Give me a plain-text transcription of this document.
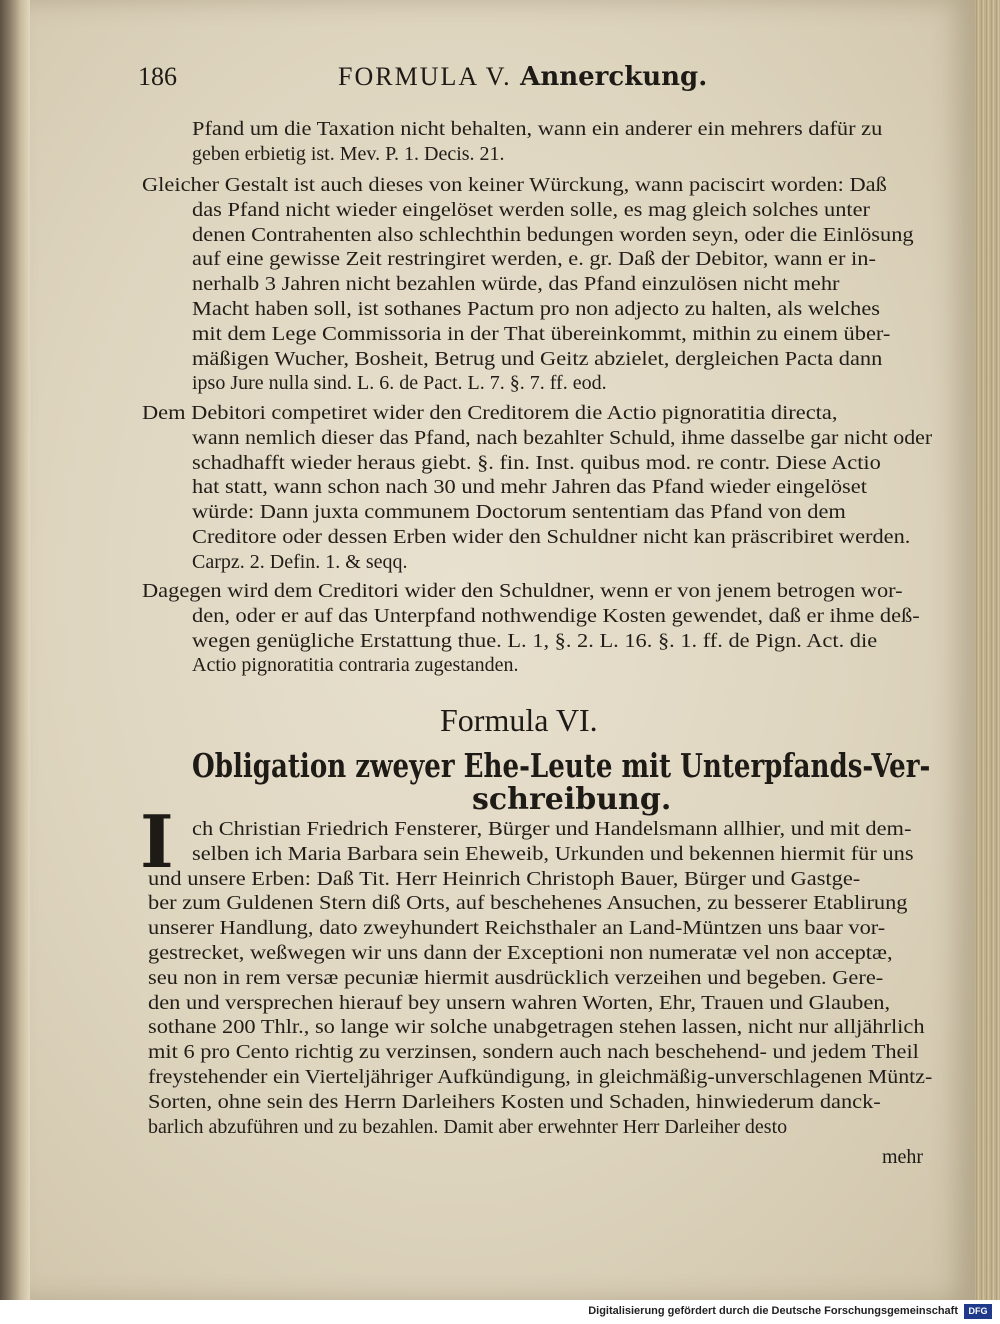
186	FORMULA V. Annerckung.
Pfand um die Taxation nicht behalten, wann ein anderer ein mehrers dafür zu
geben erbietig ist. Mev. P. 1. Decis. 21.
Gleicher Gestalt ist auch dieses von keiner Würckung, wann paciscirt worden: Daß
das Pfand nicht wieder eingelöset werden solle, es mag gleich solches unter
denen Contrahenten also schlechthin bedungen worden seyn, oder die Einlösung
auf eine gewisse Zeit restringiret werden, e. gr. Daß der Debitor, wann er in-
nerhalb 3 Jahren nicht bezahlen würde, das Pfand einzulösen nicht mehr
Macht haben soll, ist sothanes Pactum pro non adjecto zu halten, als welches
mit dem Lege Commissoria in der That übereinkommt, mithin zu einem über-
mäßigen Wucher, Bosheit, Betrug und Geitz abzielet, dergleichen Pacta dann
ipso Jure nulla sind. L. 6. de Pact. L. 7. §. 7. ff. eod.
Dem Debitori competiret wider den Creditorem die Actio pignoratitia directa,
wann nemlich dieser das Pfand, nach bezahlter Schuld, ihme dasselbe gar nicht oder
schadhafft wieder heraus giebt. §. fin. Inst. quibus mod. re contr. Diese Actio
hat statt, wann schon nach 30 und mehr Jahren das Pfand wieder eingelöset
würde: Dann juxta communem Doctorum sententiam das Pfand von dem
Creditore oder dessen Erben wider den Schuldner nicht kan präscribiret werden.
Carpz. 2. Defin. 1. & seqq.
Dagegen wird dem Creditori wider den Schuldner, wenn er von jenem betrogen wor-
den, oder er auf das Unterpfand nothwendige Kosten gewendet, daß er ihme deß-
wegen genügliche Erstattung thue. L. 1, §. 2. L. 16. §. 1. ff. de Pign. Act. die
Actio pignoratitia contraria zugestanden.
ch Christian Friedrich Fensterer, Bürger und Handelsmann allhier, und mit dem-
selben ich Maria Barbara sein Eheweib, Urkunden und bekennen hiermit für uns
und unsere Erben: Daß Tit. Herr Heinrich Christoph Bauer, Bürger und Gastge-
ber zum Guldenen Stern diß Orts, auf beschehenes Ansuchen, zu besserer Etablirung
unserer Handlung, dato zweyhundert Reichsthaler an Land-Müntzen uns baar vor-
gestrecket, weßwegen wir uns dann der Exceptioni non numeratæ vel non acceptæ,
seu non in rem versæ pecuniæ hiermit ausdrücklich verzeihen und begeben. Gere-
den und versprechen hierauf bey unsern wahren Worten, Ehr, Trauen und Glauben,
sothane 200 Thlr., so lange wir solche unabgetragen stehen lassen, nicht nur alljährlich
mit 6 pro Cento richtig zu verzinsen, sondern auch nach beschehend- und jedem Theil
freystehender ein Vierteljähriger Aufkündigung, in gleichmäßig-unverschlagenen Müntz-
Sorten, ohne sein des Herrn Darleihers Kosten und Schaden, hinwiederum danck-
barlich abzuführen und zu bezahlen. Damit aber erwehnter Herr Darleiher desto
Formula VI.
Obligation zweyer Ehe-Leute mit Unterpfands-Ver-
schreibung.
I
mehr
Digitalisierung gefördert durch die Deutsche Forschungsgemeinschaft	DFG
